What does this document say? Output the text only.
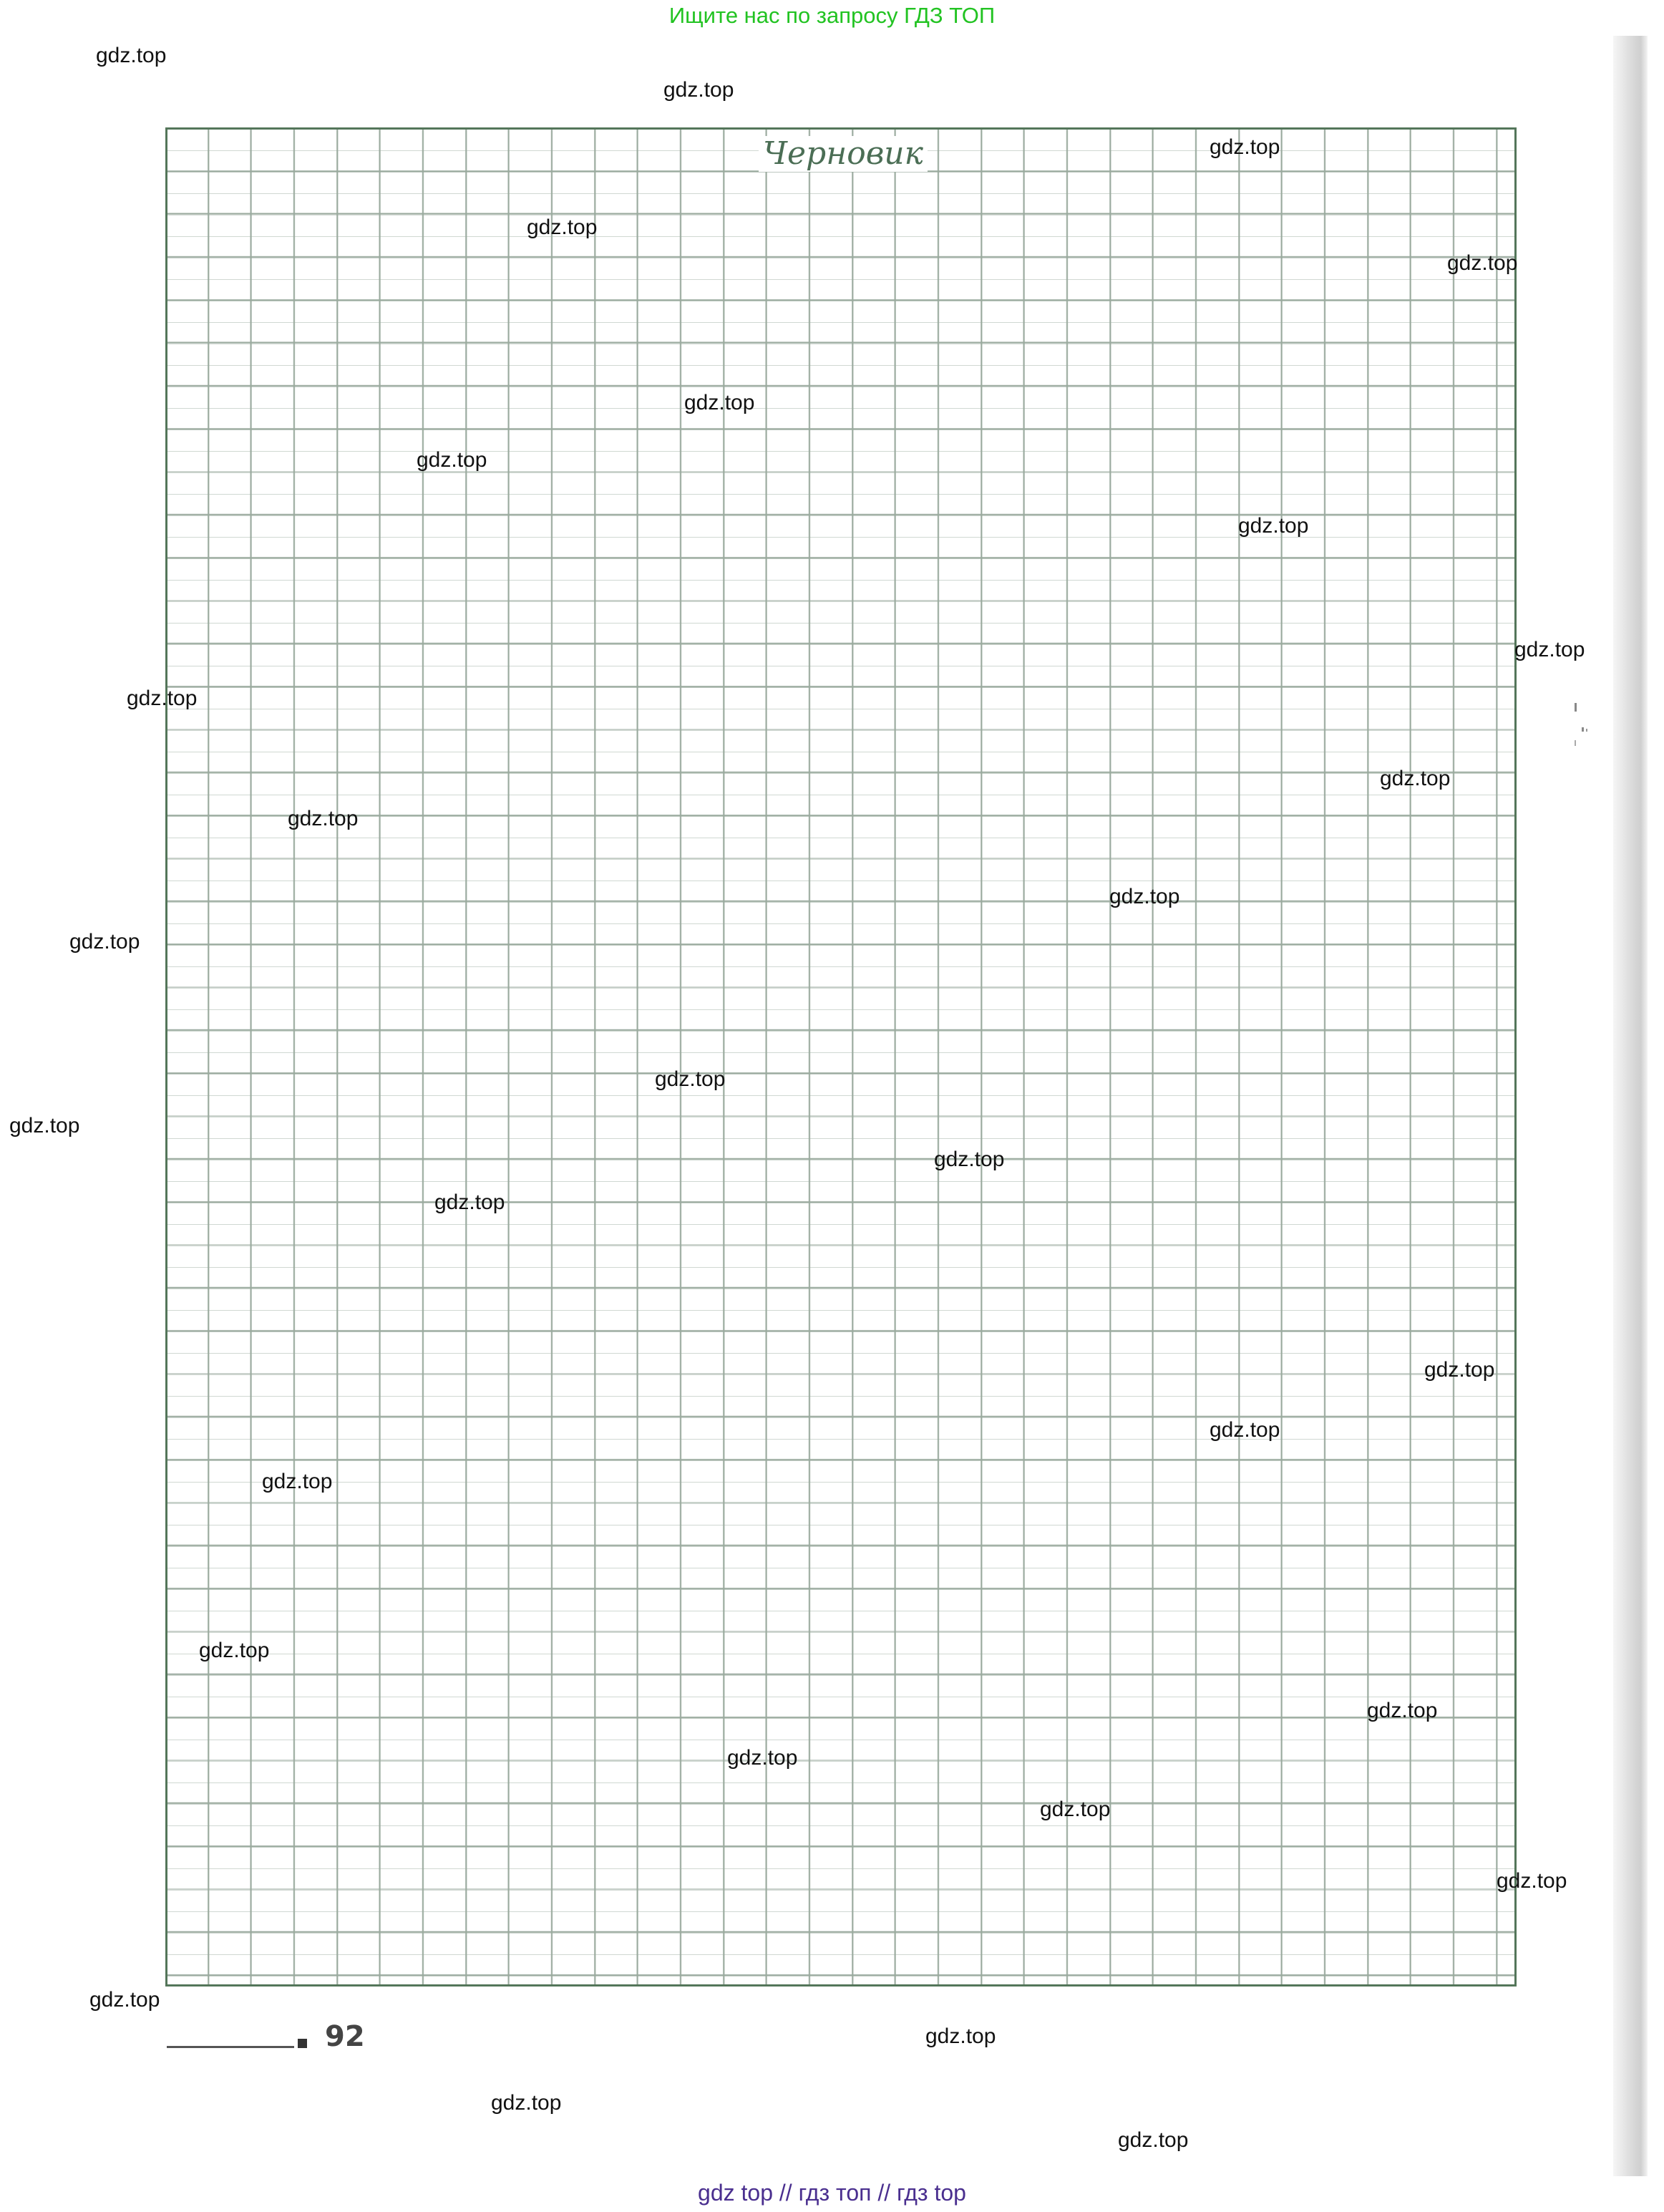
Ищите нас по запросу ГДЗ ТОП
Черновик
92
gdz.top
gdz.top
gdz.top
gdz.top
gdz.top
gdz.top
gdz.top
gdz.top
gdz.top
gdz.top
gdz.top
gdz.top
gdz.top
gdz.top
gdz.top
gdz.top
gdz.top
gdz.top
gdz.top
gdz.top
gdz.top
gdz.top
gdz.top
gdz.top
gdz.top
gdz.top
gdz.top
gdz.top
gdz.top
gdz.top
gdz top // гдз топ // гдз top
